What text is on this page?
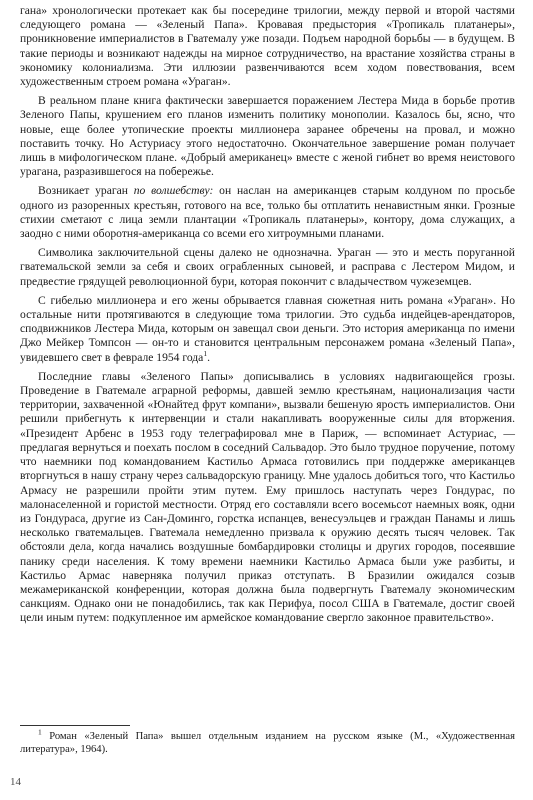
гана» хронологически протекает как бы посередине трилогии, между первой и второй частями следующего романа — «Зеленый Папа». Кровавая предыстория «Тропикаль платанеры», проникновение империалистов в Гватемалу уже позади. Подъем народной борьбы — в будущем. В такие периоды и возникают надежды на мирное сотрудничество, на врастание хозяйства страны в экономику колониализма. Эти иллюзии развенчиваются всем ходом повествования, всем художественным строем романа «Ураган».

В реальном плане книга фактически завершается поражением Лестера Мида в борьбе против Зеленого Папы, крушением его планов изменить политику монополии. Казалось бы, ясно, что новые, еще более утопические проекты миллионера заранее обречены на провал, и можно поставить точку. Но Астуриасу этого недостаточно. Окончательное завершение роман получает лишь в мифологическом плане. «Добрый американец» вместе с женой гибнет во время неистового урагана, разразившегося на побережье.

Возникает ураган по волшебству: он наслан на американцев старым колдуном по просьбе одного из разоренных крестьян, готового на все, только бы отплатить ненавистным янки. Грозные стихии сметают с лица земли плантации «Тропикаль платанеры», контору, дома служащих, а заодно с ними оборотня-американца со всеми его хитроумными планами.

Символика заключительной сцены далеко не однозначна. Ураган — это и месть поруганной гватемальской земли за себя и своих ограбленных сыновей, и расправа с Лестером Мидом, и предвестие грядущей революционной бури, которая покончит с владычеством чужеземцев.

С гибелью миллионера и его жены обрывается главная сюжетная нить романа «Ураган». Но остальные нити протягиваются в следующие тома трилогии. Это судьба индейцев-арендаторов, сподвижников Лестера Мида, которым он завещал свои деньги. Это история американца по имени Джо Мейкер Томпсон — он-то и становится центральным персонажем романа «Зеленый Папа», увидевшего свет в феврале 1954 года$^1$.

Последние главы «Зеленого Папы» дописывались в условиях надвигающейся грозы. Проведение в Гватемале аграрной реформы, давшей землю крестьянам, национализация части территории, захваченной «Юнайтед фрут компани», вызвали бешеную ярость империалистов. Они решили прибегнуть к интервенции и стали накапливать вооруженные силы для вторжения. «Президент Арбенс в 1953 году телеграфировал мне в Париж, — вспоминает Астуриас, — предлагая вернуться и поехать послом в соседний Сальвадор. Это было трудное поручение, потому что наемники под командованием Кастильо Армаса готовились при поддержке американцев вторгнуться в нашу страну через сальвадорскую границу. Мне удалось добиться того, что Кастильо Армасу не разрешили пройти этим путем. Ему пришлось наступать через Гондурас, по малонаселенной и гористой местности. Отряд его составляли всего восемьсот наемных вояк, одни из Гондураса, другие из Сан-Доминго, горстка испанцев, венесуэльцев и граждан Панамы и лишь несколько гватемальцев. Гватемала немедленно призвала к оружию десять тысяч человек. Так обстояли дела, когда начались воздушные бомбардировки столицы и других городов, посеявшие панику среди населения. К тому времени наемники Кастильо Армаса были уже разбиты, и Кастильо Армас наверняка получил приказ отступать. В Бразилии ожидался созыв межамериканской конференции, которая должна была подвергнуть Гватемалу экономическим санкциям. Однако они не понадобились, так как Перифуа, посол США в Гватемале, достиг своей цели иным путем: подкупленное им армейское командование свергло законное правительство».

$^1$ Роман «Зеленый Папа» вышел отдельным изданием на русском языке (М., «Художественная литература», 1964).

14
